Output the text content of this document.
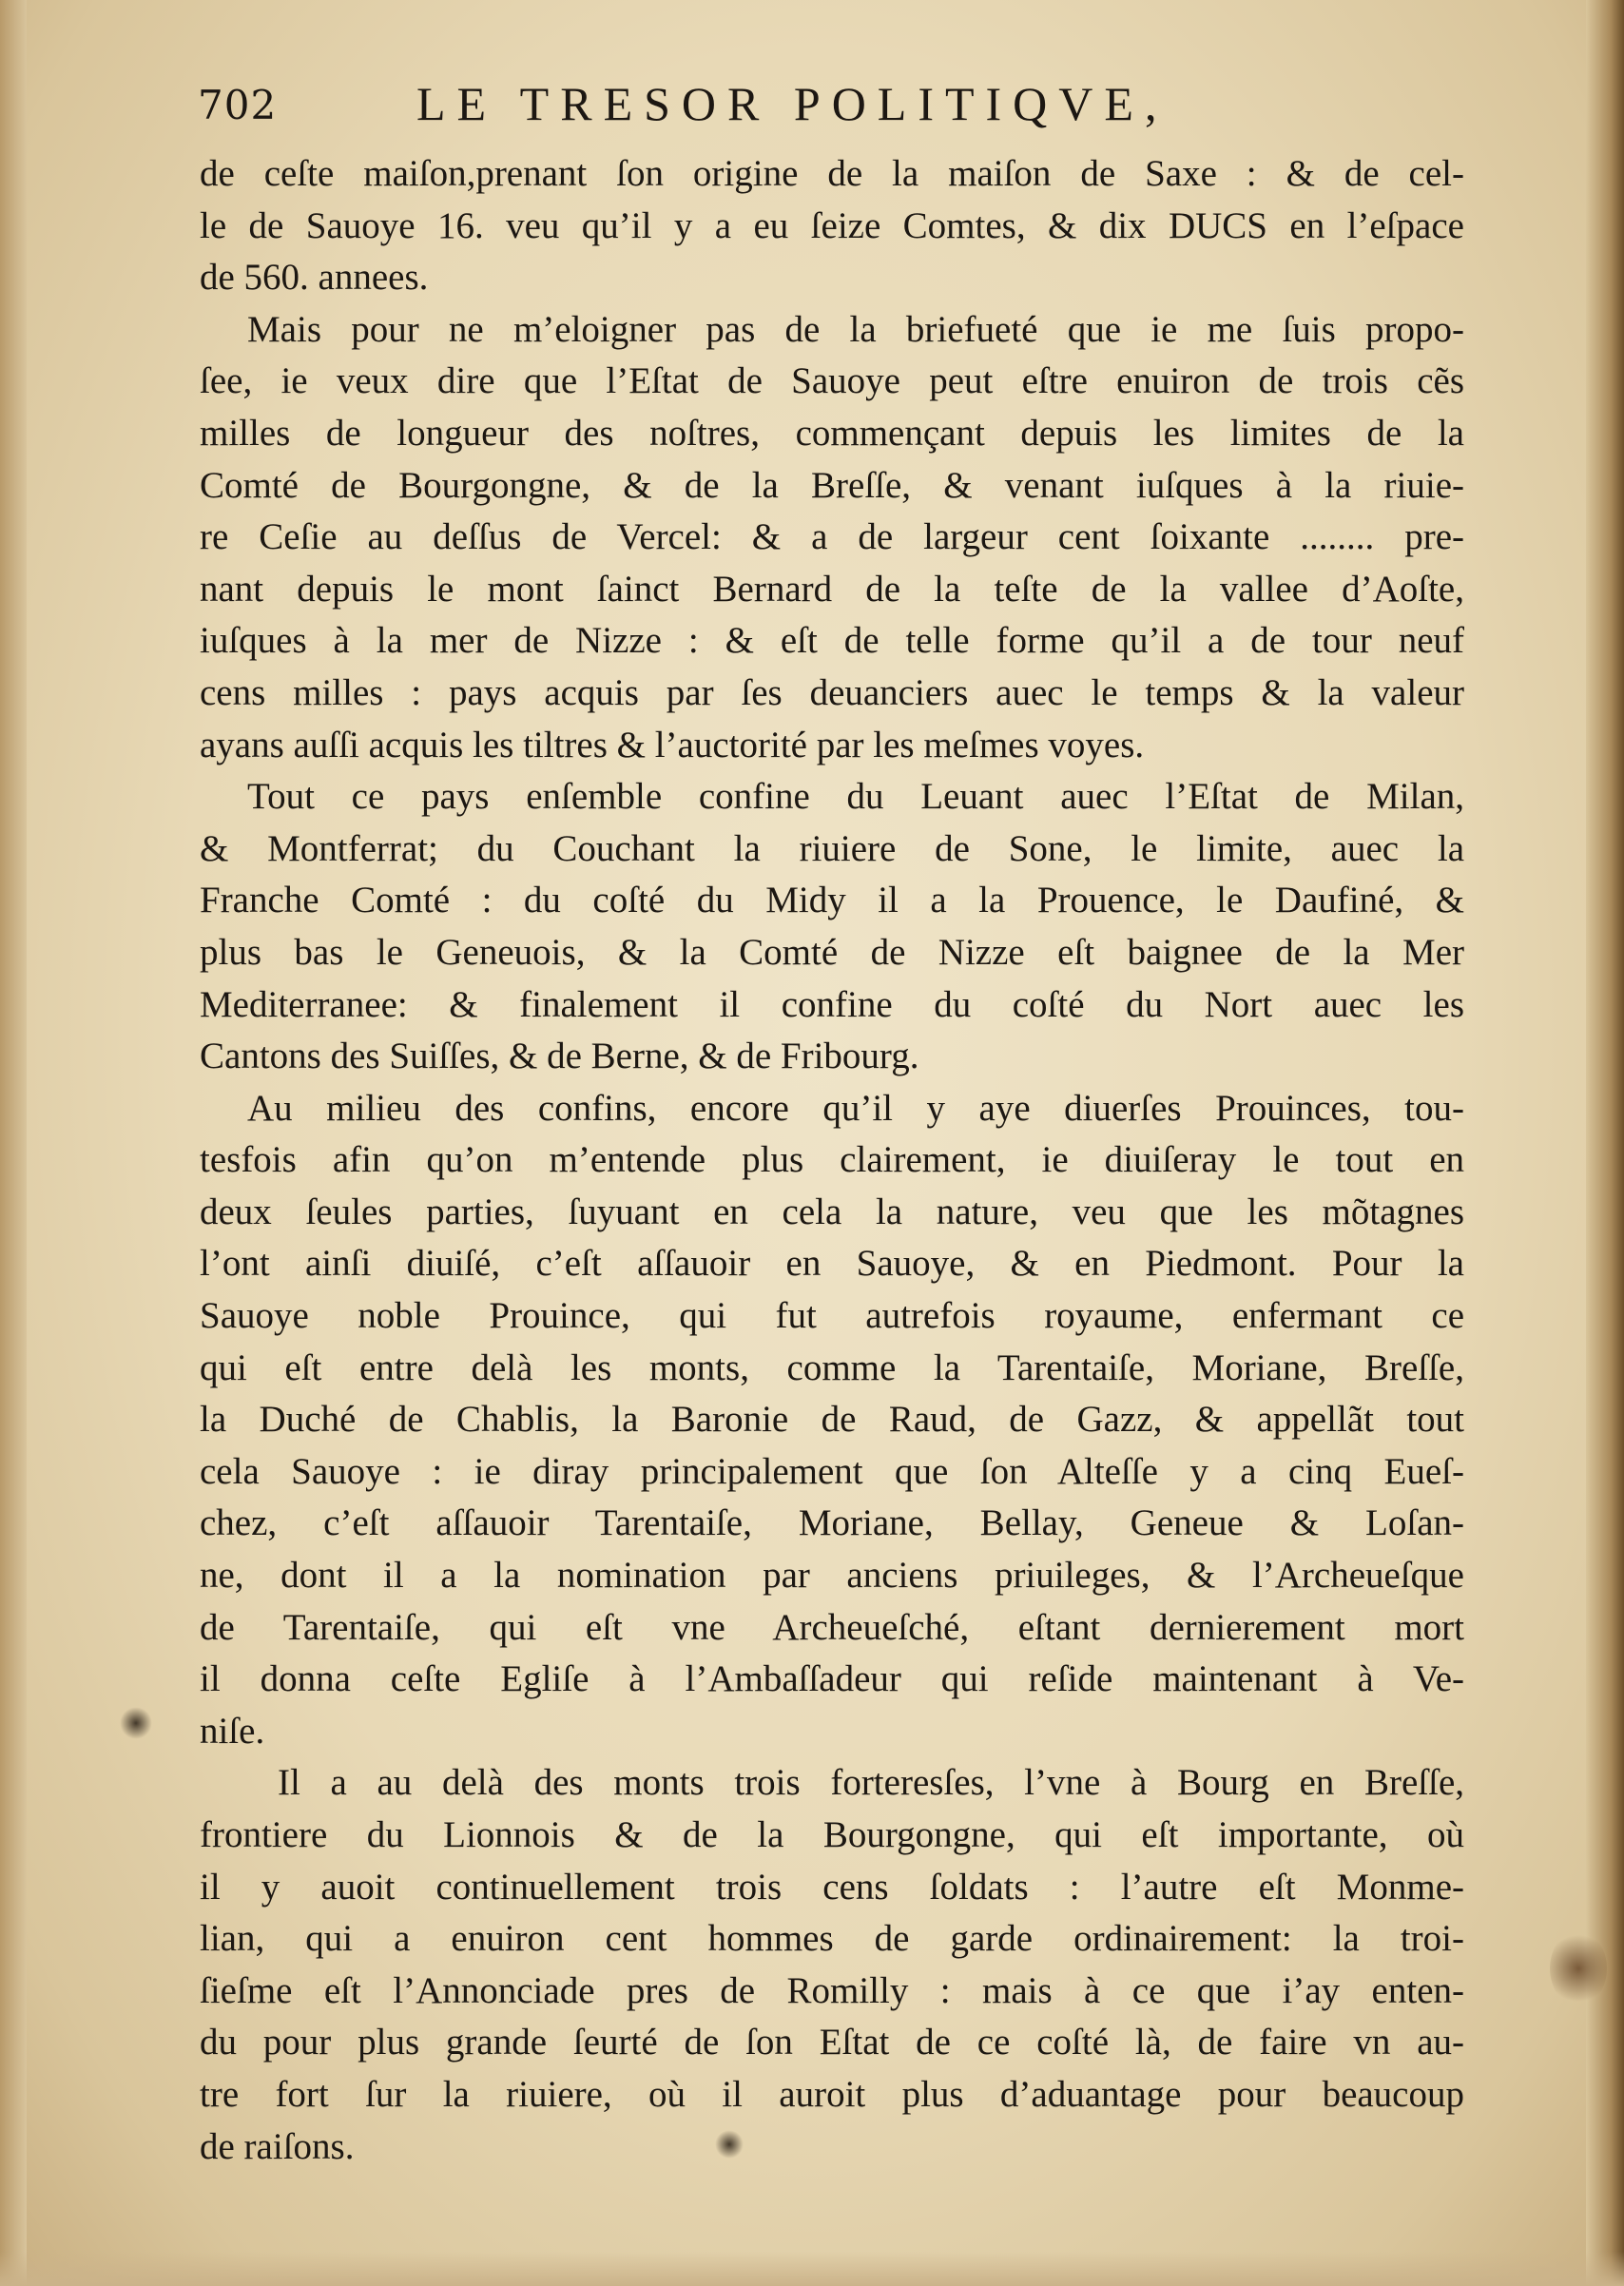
702	LE TRESOR POLITIQVE,
de ceſte maiſon,prenant ſon origine de la maiſon de Saxe : & de cel-
le de Sauoye 16. veu qu’il y a eu ſeize Comtes, & dix DUCS en l’eſpace
de 560. annees.
Mais pour ne m’eloigner pas de la briefueté que ie me ſuis propo-
ſee, ie veux dire que l’Eſtat de Sauoye peut eſtre enuiron de trois cẽs
milles de longueur des noſtres, commençant depuis les limites de la
Comté de Bourgongne, & de la Breſſe, & venant iuſques à la riuie-
re Ceſie au deſſus de Vercel: & a de largeur cent ſoixante ........ pre-
nant depuis le mont ſainct Bernard de la teſte de la vallee d’Aoſte,
iuſques à la mer de Nizze : & eſt de telle forme qu’il a de tour neuf
cens milles : pays acquis par ſes deuanciers auec le temps & la valeur
ayans auſſi acquis les tiltres & l’auctorité par les meſmes voyes.
Tout ce pays enſemble confine du Leuant auec l’Eſtat de Milan,
& Montferrat; du Couchant la riuiere de Sone, le limite, auec la
Franche Comté : du coſté du Midy il a la Prouence, le Daufiné, &
plus bas le Geneuois, & la Comté de Nizze eſt baignee de la Mer
Mediterranee: & finalement il confine du coſté du Nort auec les
Cantons des Suiſſes, & de Berne, & de Fribourg.
Au milieu des confins, encore qu’il y aye diuerſes Prouinces, tou-
tesfois afin qu’on m’entende plus clairement, ie diuiſeray le tout en
deux ſeules parties, ſuyuant en cela la nature, veu que les mõtagnes
l’ont ainſi diuiſé, c’eſt aſſauoir en Sauoye, & en Piedmont. Pour la
Sauoye noble Prouince, qui fut autrefois royaume, enfermant ce
qui eſt entre delà les monts, comme la Tarentaiſe, Moriane, Breſſe,
la Duché de Chablis, la Baronie de Raud, de Gazz, & appellãt tout
cela Sauoye : ie diray principalement que ſon Alteſſe y a cinq Eueſ-
chez, c’eſt aſſauoir Tarentaiſe, Moriane, Bellay, Geneue & Loſan-
ne, dont il a la nomination par anciens priuileges, & l’Archeueſque
de Tarentaiſe, qui eſt vne Archeueſché, eſtant dernierement mort
il donna ceſte Egliſe à l’Ambaſſadeur qui reſide maintenant à Ve-
niſe.
Il a au delà des monts trois forteresſes, l’vne à Bourg en Breſſe,
frontiere du Lionnois & de la Bourgongne, qui eſt importante, où
il y auoit continuellement trois cens ſoldats : l’autre eſt Monme-
lian, qui a enuiron cent hommes de garde ordinairement: la troi-
ſieſme eſt l’Annonciade pres de Romilly : mais à ce que i’ay enten-
du pour plus grande ſeurté de ſon Eſtat de ce coſté là, de faire vn au-
tre fort ſur la riuiere, où il auroit plus d’aduantage pour beaucoup
de raiſons.
